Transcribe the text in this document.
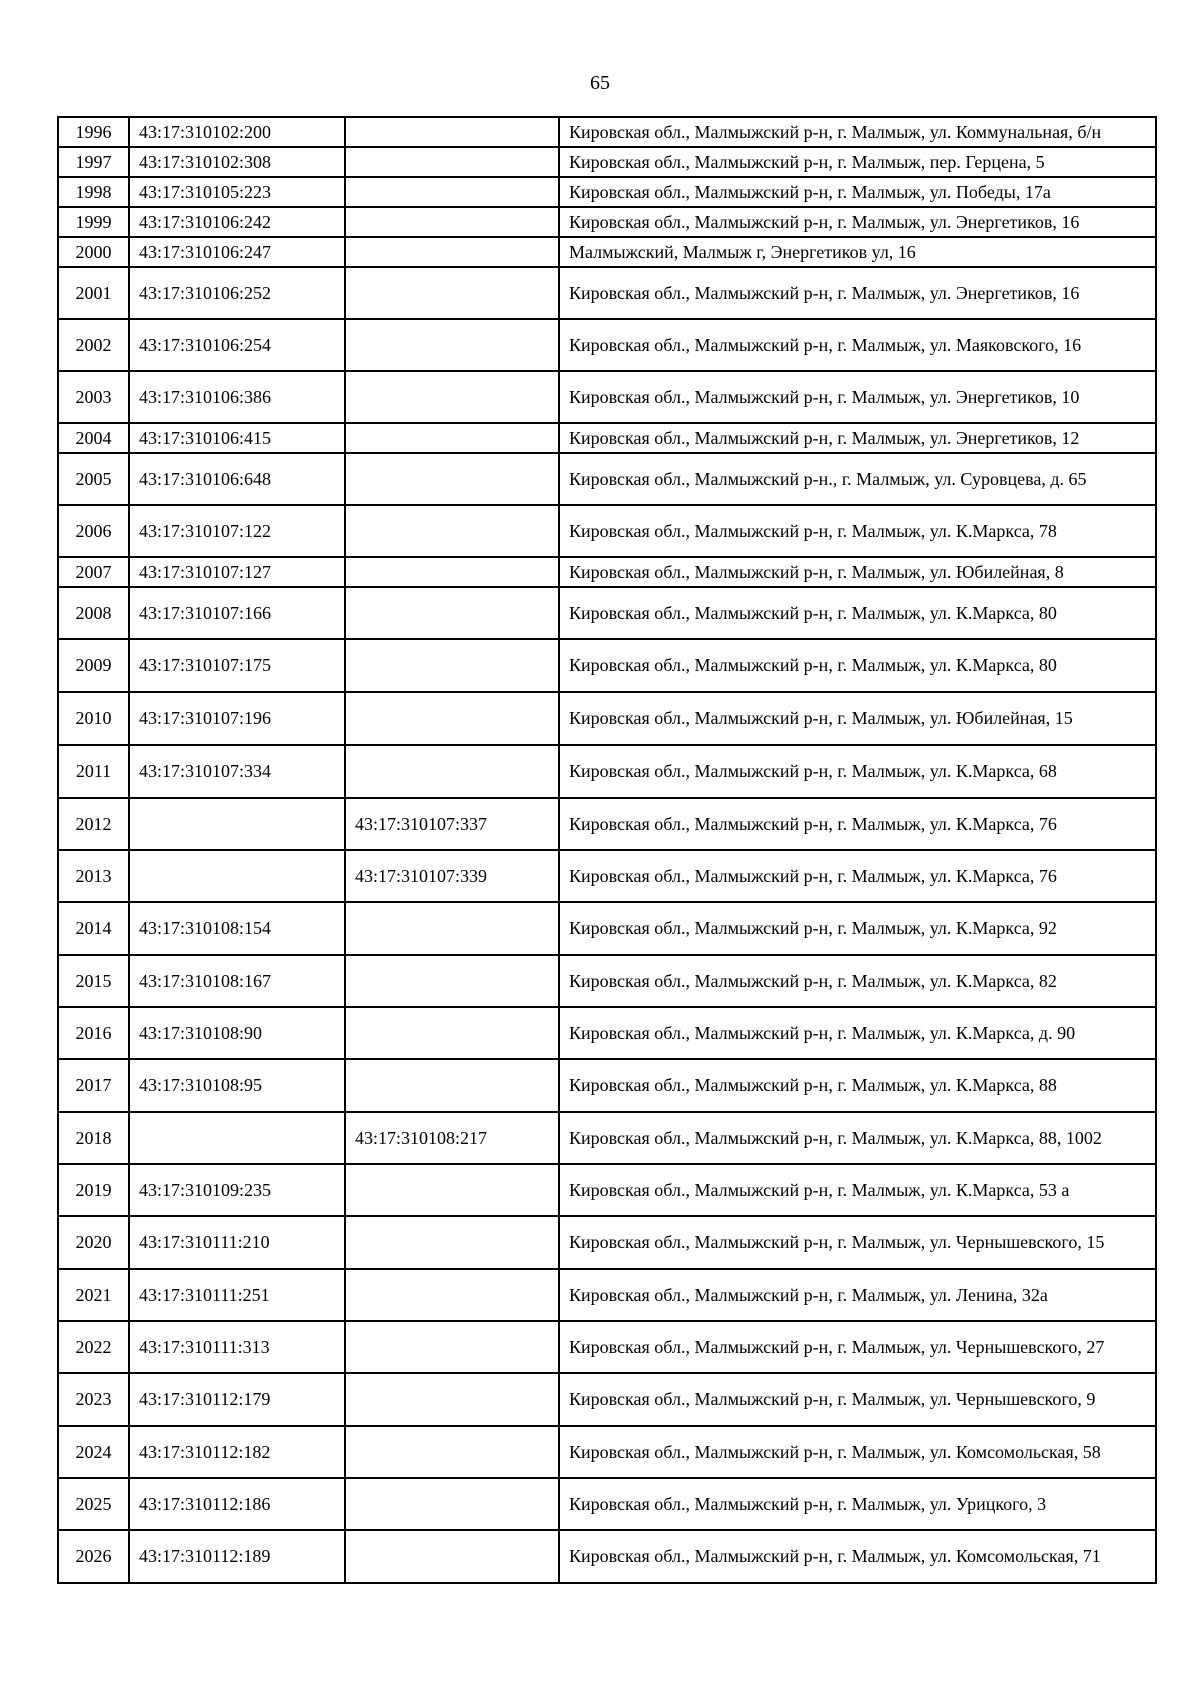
65
1996	43:17:310102:200		Кировская обл., Малмыжский р-н, г. Малмыж, ул. Коммунальная, б/н
1997	43:17:310102:308		Кировская обл., Малмыжский р-н, г. Малмыж, пер. Герцена, 5
1998	43:17:310105:223		Кировская обл., Малмыжский р-н, г. Малмыж, ул. Победы, 17а
1999	43:17:310106:242		Кировская обл., Малмыжский р-н, г. Малмыж, ул. Энергетиков, 16
2000	43:17:310106:247		Малмыжский, Малмыж г, Энергетиков ул, 16
2001	43:17:310106:252		Кировская обл., Малмыжский р-н, г. Малмыж, ул. Энергетиков, 16
2002	43:17:310106:254		Кировская обл., Малмыжский р-н, г. Малмыж, ул. Маяковского, 16
2003	43:17:310106:386		Кировская обл., Малмыжский р-н, г. Малмыж, ул. Энергетиков, 10
2004	43:17:310106:415		Кировская обл., Малмыжский р-н, г. Малмыж, ул. Энергетиков, 12
2005	43:17:310106:648		Кировская обл., Малмыжский р-н., г. Малмыж, ул. Суровцева, д. 65
2006	43:17:310107:122		Кировская обл., Малмыжский р-н, г. Малмыж, ул. К.Маркса, 78
2007	43:17:310107:127		Кировская обл., Малмыжский р-н, г. Малмыж, ул. Юбилейная, 8
2008	43:17:310107:166		Кировская обл., Малмыжский р-н, г. Малмыж, ул. К.Маркса, 80
2009	43:17:310107:175		Кировская обл., Малмыжский р-н, г. Малмыж, ул. К.Маркса, 80
2010	43:17:310107:196		Кировская обл., Малмыжский р-н, г. Малмыж, ул. Юбилейная, 15
2011	43:17:310107:334		Кировская обл., Малмыжский р-н, г. Малмыж, ул. К.Маркса, 68
2012		43:17:310107:337	Кировская обл., Малмыжский р-н, г. Малмыж, ул. К.Маркса, 76
2013		43:17:310107:339	Кировская обл., Малмыжский р-н, г. Малмыж, ул. К.Маркса, 76
2014	43:17:310108:154		Кировская обл., Малмыжский р-н, г. Малмыж, ул. К.Маркса, 92
2015	43:17:310108:167		Кировская обл., Малмыжский р-н, г. Малмыж, ул. К.Маркса, 82
2016	43:17:310108:90		Кировская обл., Малмыжский р-н, г. Малмыж, ул. К.Маркса, д. 90
2017	43:17:310108:95		Кировская обл., Малмыжский р-н, г. Малмыж, ул. К.Маркса, 88
2018		43:17:310108:217	Кировская обл., Малмыжский р-н, г. Малмыж, ул. К.Маркса, 88, 1002
2019	43:17:310109:235		Кировская обл., Малмыжский р-н, г. Малмыж, ул. К.Маркса, 53 а
2020	43:17:310111:210		Кировская обл., Малмыжский р-н, г. Малмыж, ул. Чернышевского, 15
2021	43:17:310111:251		Кировская обл., Малмыжский р-н, г. Малмыж, ул. Ленина, 32а
2022	43:17:310111:313		Кировская обл., Малмыжский р-н, г. Малмыж, ул. Чернышевского, 27
2023	43:17:310112:179		Кировская обл., Малмыжский р-н, г. Малмыж, ул. Чернышевского, 9
2024	43:17:310112:182		Кировская обл., Малмыжский р-н, г. Малмыж, ул. Комсомольская, 58
2025	43:17:310112:186		Кировская обл., Малмыжский р-н, г. Малмыж, ул. Урицкого, 3
2026	43:17:310112:189		Кировская обл., Малмыжский р-н, г. Малмыж, ул. Комсомольская, 71
